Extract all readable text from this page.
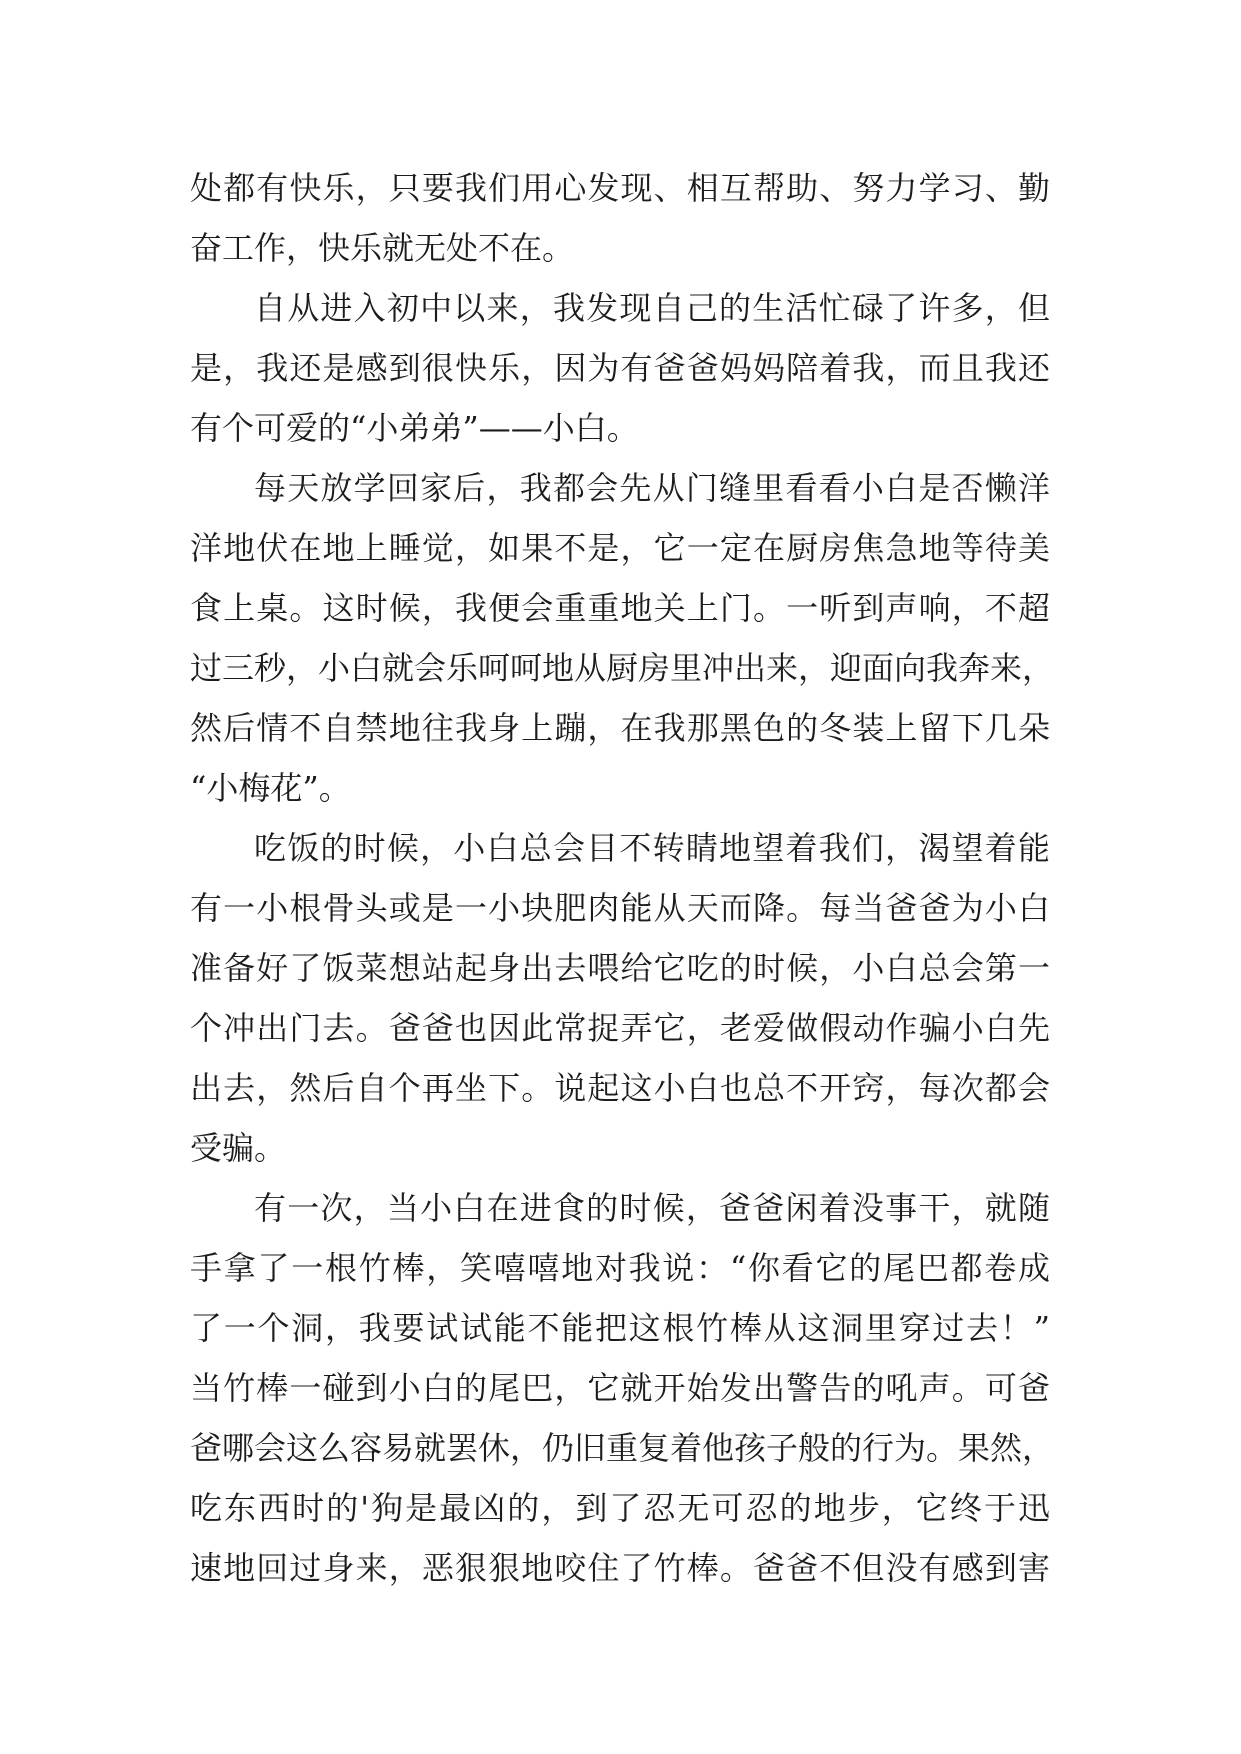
处都有快乐，只要我们用心发现、相互帮助、努力学习、勤
奋工作，快乐就无处不在。
自从进入初中以来，我发现自己的生活忙碌了许多，但
是，我还是感到很快乐，因为有爸爸妈妈陪着我，而且我还
有个可爱的“小弟弟”——小白。
每天放学回家后，我都会先从门缝里看看小白是否懒洋
洋地伏在地上睡觉，如果不是，它一定在厨房焦急地等待美
食上桌。这时候，我便会重重地关上门。一听到声响，不超
过三秒，小白就会乐呵呵地从厨房里冲出来，迎面向我奔来，
然后情不自禁地往我身上蹦，在我那黑色的冬装上留下几朵
“小梅花”。
吃饭的时候，小白总会目不转睛地望着我们，渴望着能
有一小根骨头或是一小块肥肉能从天而降。每当爸爸为小白
准备好了饭菜想站起身出去喂给它吃的时候，小白总会第一
个冲出门去。爸爸也因此常捉弄它，老爱做假动作骗小白先
出去，然后自个再坐下。说起这小白也总不开窍，每次都会
受骗。
有一次，当小白在进食的时候，爸爸闲着没事干，就随
手拿了一根竹棒，笑嘻嘻地对我说：“你看它的尾巴都卷成
了一个洞，我要试试能不能把这根竹棒从这洞里穿过去！”
当竹棒一碰到小白的尾巴，它就开始发出警告的吼声。可爸
爸哪会这么容易就罢休，仍旧重复着他孩子般的行为。果然，
吃东西时的'狗是最凶的，到了忍无可忍的地步，它终于迅
速地回过身来，恶狠狠地咬住了竹棒。爸爸不但没有感到害
